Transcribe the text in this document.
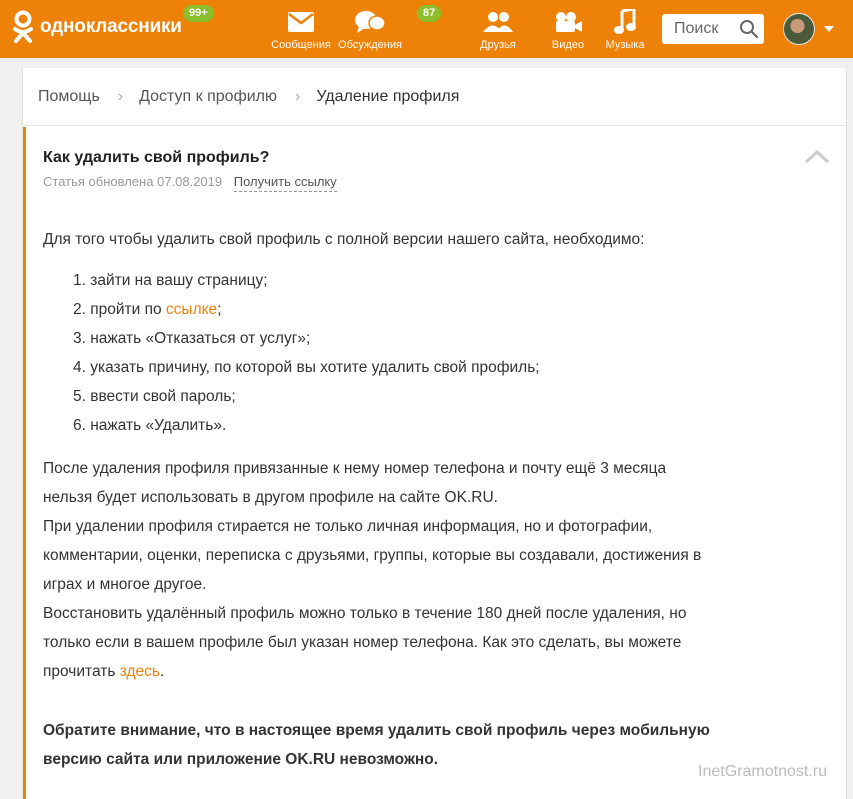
одноклассники
99+
Сообщения Обсуждения
87
Друзья	Видео	Музыка
Поиск
Помощь › Доступ к профилю › Удаление профиля
Как удалить свой профиль?
Статья обновлена 07.08.2019 Получить ссылку
Для того чтобы удалить свой профиль с полной версии нашего сайта, необходимо:
1. зайти на вашу страницу;
2. пройти по ссылке;
3. нажать «Отказаться от услуг»;
4. указать причину, по которой вы хотите удалить свой профиль;
5. ввести свой пароль;
6. нажать «Удалить».
После удаления профиля привязанные к нему номер телефона и почту ещё 3 месяца
нельзя будет использовать в другом профиле на сайте OK.RU.
При удалении профиля стирается не только личная информация, но и фотографии,
комментарии, оценки, переписка с друзьями, группы, которые вы создавали, достижения в
играх и многое другое.
Восстановить удалённый профиль можно только в течение 180 дней после удаления, но
только если в вашем профиле был указан номер телефона. Как это сделать, вы можете
прочитать здесь.
Обратите внимание, что в настоящее время удалить свой профиль через мобильную
версию сайта или приложение OK.RU невозможно.
InetGramotnost.ru
